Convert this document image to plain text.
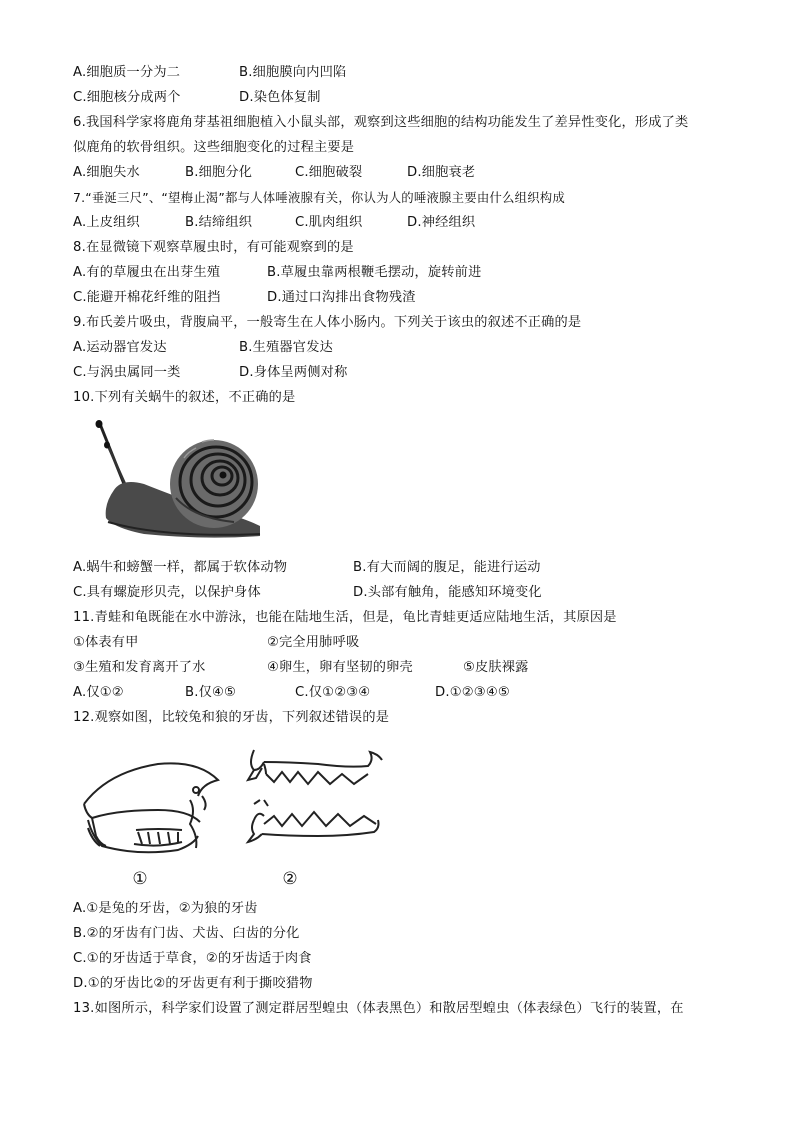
A.细胞质一分为二	B.细胞膜向内凹陷
C.细胞核分成两个	D.染色体复制
6.我国科学家将鹿角芽基祖细胞植入小鼠头部，观察到这些细胞的结构功能发生了差异性变化，形成了类
似鹿角的软骨组织。这些细胞变化的过程主要是
A.细胞失水	B.细胞分化	C.细胞破裂	D.细胞衰老
7.“垂涎三尺”、“望梅止渴”都与人体唾液腺有关，你认为人的唾液腺主要由什么组织构成
A.上皮组织	B.结缔组织	C.肌肉组织	D.神经组织
8.在显微镜下观察草履虫时，有可能观察到的是
A.有的草履虫在出芽生殖	B.草履虫靠两根鞭毛摆动，旋转前进
C.能避开棉花纤维的阻挡	D.通过口沟排出食物残渣
9.布氏姜片吸虫，背腹扁平，一般寄生在人体小肠内。下列关于该虫的叙述不正确的是
A.运动器官发达	B.生殖器官发达
C.与涡虫属同一类	D.身体呈两侧对称
10.下列有关蜗牛的叙述，不正确的是
A.蜗牛和螃蟹一样，都属于软体动物	B.有大而阔的腹足，能进行运动
C.具有螺旋形贝壳，以保护身体	D.头部有触角，能感知环境变化
11.青蛙和龟既能在水中游泳，也能在陆地生活，但是，龟比青蛙更适应陆地生活，其原因是
①体表有甲	②完全用肺呼吸
③生殖和发育离开了水	④卵生，卵有坚韧的卵壳	⑤皮肤裸露
A.仅①②	B.仅④⑤	C.仅①②③④	D.①②③④⑤
12.观察如图，比较兔和狼的牙齿，下列叙述错误的是
①	②
A.①是兔的牙齿，②为狼的牙齿
B.②的牙齿有门齿、犬齿、臼齿的分化
C.①的牙齿适于草食，②的牙齿适于肉食
D.①的牙齿比②的牙齿更有利于撕咬猎物
13.如图所示，科学家们设置了测定群居型蝗虫（体表黑色）和散居型蝗虫（体表绿色）飞行的装置，在
